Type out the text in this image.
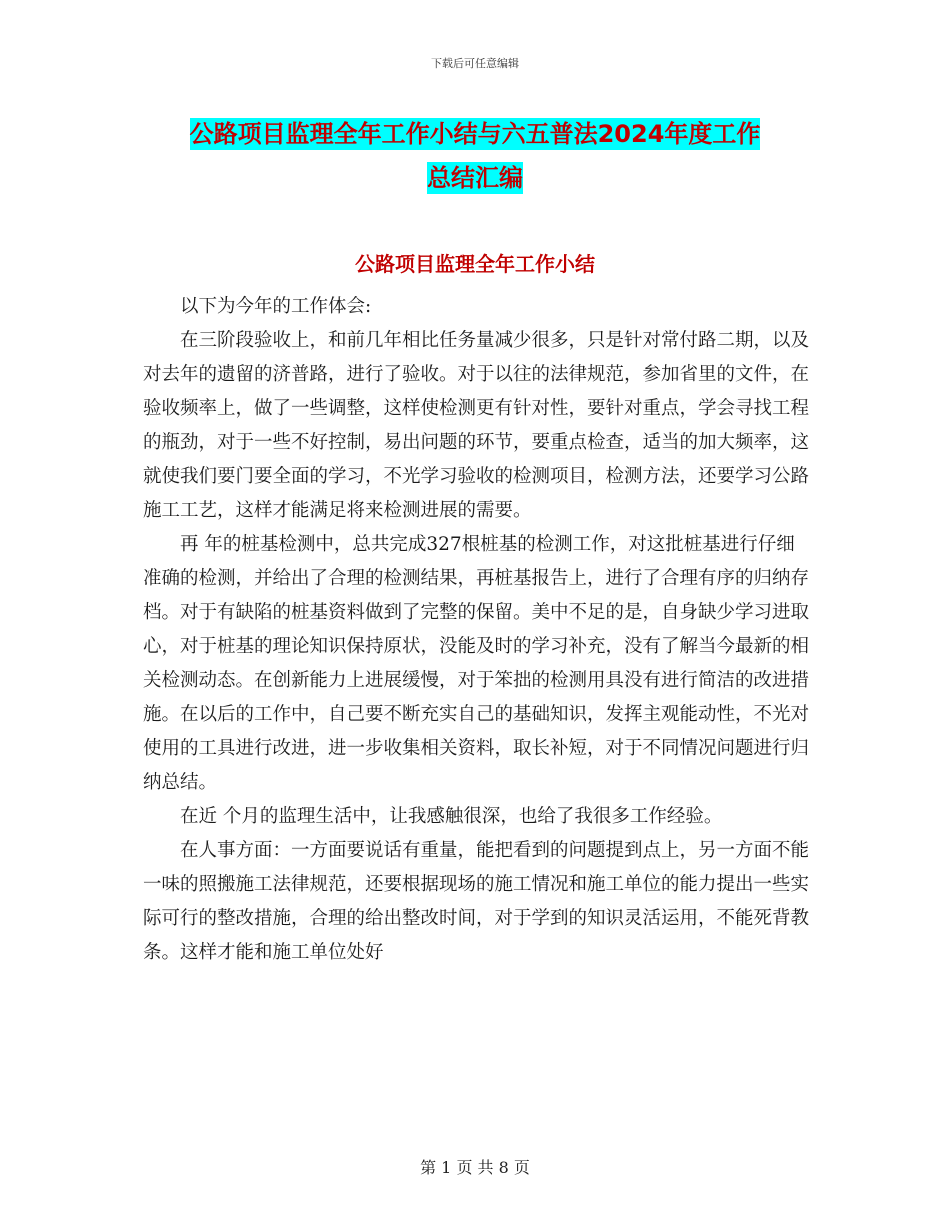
下载后可任意编辑
公路项目监理全年工作小结与六五普法2024年度工作
总结汇编
公路项目监理全年工作小结

以下为今年的工作体会:

在三阶段验收上，和前几年相比任务量减少很多，只是针对常付路二期，以及对去年的遗留的济普路，进行了验收。对于以往的法律规范，参加省里的文件，在验收频率上，做了一些调整，这样使检测更有针对性，要针对重点，学会寻找工程的瓶劲，对于一些不好控制，易出问题的环节，要重点检查，适当的加大频率，这就使我们要门要全面的学习，不光学习验收的检测项目，检测方法，还要学习公路施工工艺，这样才能满足将来检测进展的需要。

再 年的桩基检测中，总共完成327根桩基的检测工作，对这批桩基进行仔细准确的检测，并给出了合理的检测结果，再桩基报告上，进行了合理有序的归纳存档。对于有缺陷的桩基资料做到了完整的保留。美中不足的是，自身缺少学习进取心，对于桩基的理论知识保持原状，没能及时的学习补充，没有了解当今最新的相关检测动态。在创新能力上进展缓慢，对于笨拙的检测用具没有进行简洁的改进措施。在以后的工作中，自己要不断充实自己的基础知识，发挥主观能动性，不光对使用的工具进行改进，进一步收集相关资料，取长补短，对于不同情况问题进行归纳总结。

在近 个月的监理生活中，让我感触很深，也给了我很多工作经验。

在人事方面：一方面要说话有重量，能把看到的问题提到点上，另一方面不能一味的照搬施工法律规范，还要根据现场的施工情况和施工单位的能力提出一些实际可行的整改措施，合理的给出整改时间，对于学到的知识灵活运用，不能死背教条。这样才能和施工单位处好

第 1 页 共 8 页
